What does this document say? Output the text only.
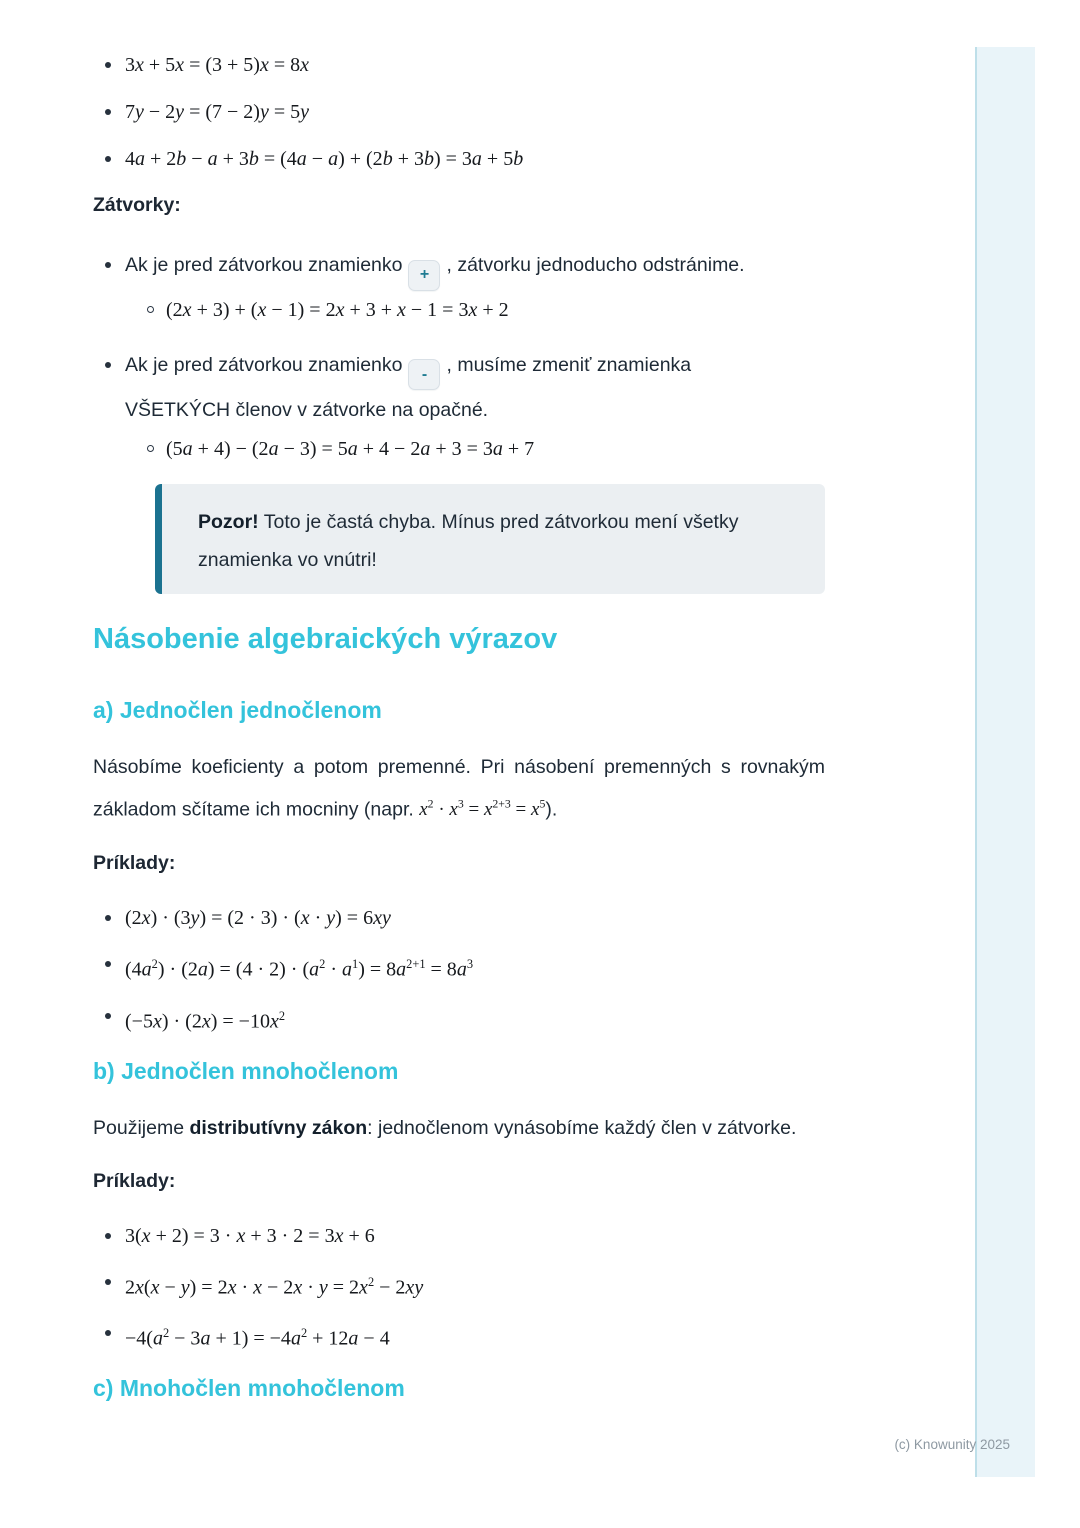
3x + 5x = (3 + 5)x = 8x
7y − 2y = (7 − 2)y = 5y
4a + 2b − a + 3b = (4a − a) + (2b + 3b) = 3a + 5b

Zátvorky:

Ak je pred zátvorkou znamienko + , zátvorku jednoducho odstránime.

(2x + 3) + (x − 1) = 2x + 3 + x − 1 = 3x + 2

Ak je pred zátvorkou znamienko - , musíme zmeniť znamienka VŠETKÝCH členov v zátvorke na opačné.

(5a + 4) − (2a − 3) = 5a + 4 − 2a + 3 = 3a + 7

Pozor! Toto je častá chyba. Mínus pred zátvorkou mení všetky znamienka vo vnútri!

Násobenie algebraických výrazov
a) Jednočlen jednočlenom

Násobíme koeficienty a potom premenné. Pri násobení premenných s rovnakým základom sčítame ich mocniny (napr. $x^2 \cdot x^3 = x^{2+3} = x^5$).

Príklady:

(2x) · (3y) = (2 · 3) · (x · y) = 6xy
$(4a^2) \cdot (2a) = (4 \cdot 2) \cdot (a^2 \cdot a^1) = 8a^{2+1} = 8a^3$
$(-5x) \cdot (2x) = -10x^2$
b) Jednočlen mnohočlenom

Použijeme distributívny zákon: jednočlenom vynásobíme každý člen v zátvorke.

Príklady:

3(x + 2) = 3 · x + 3 · 2 = 3x + 6
$2x(x - y) = 2x \cdot x - 2x \cdot y = 2x^2 - 2xy$
$-4(a^2 - 3a + 1) = -4a^2 + 12a - 4$
c) Mnohočlen mnohočlenom
(c) Knowunity 2025
